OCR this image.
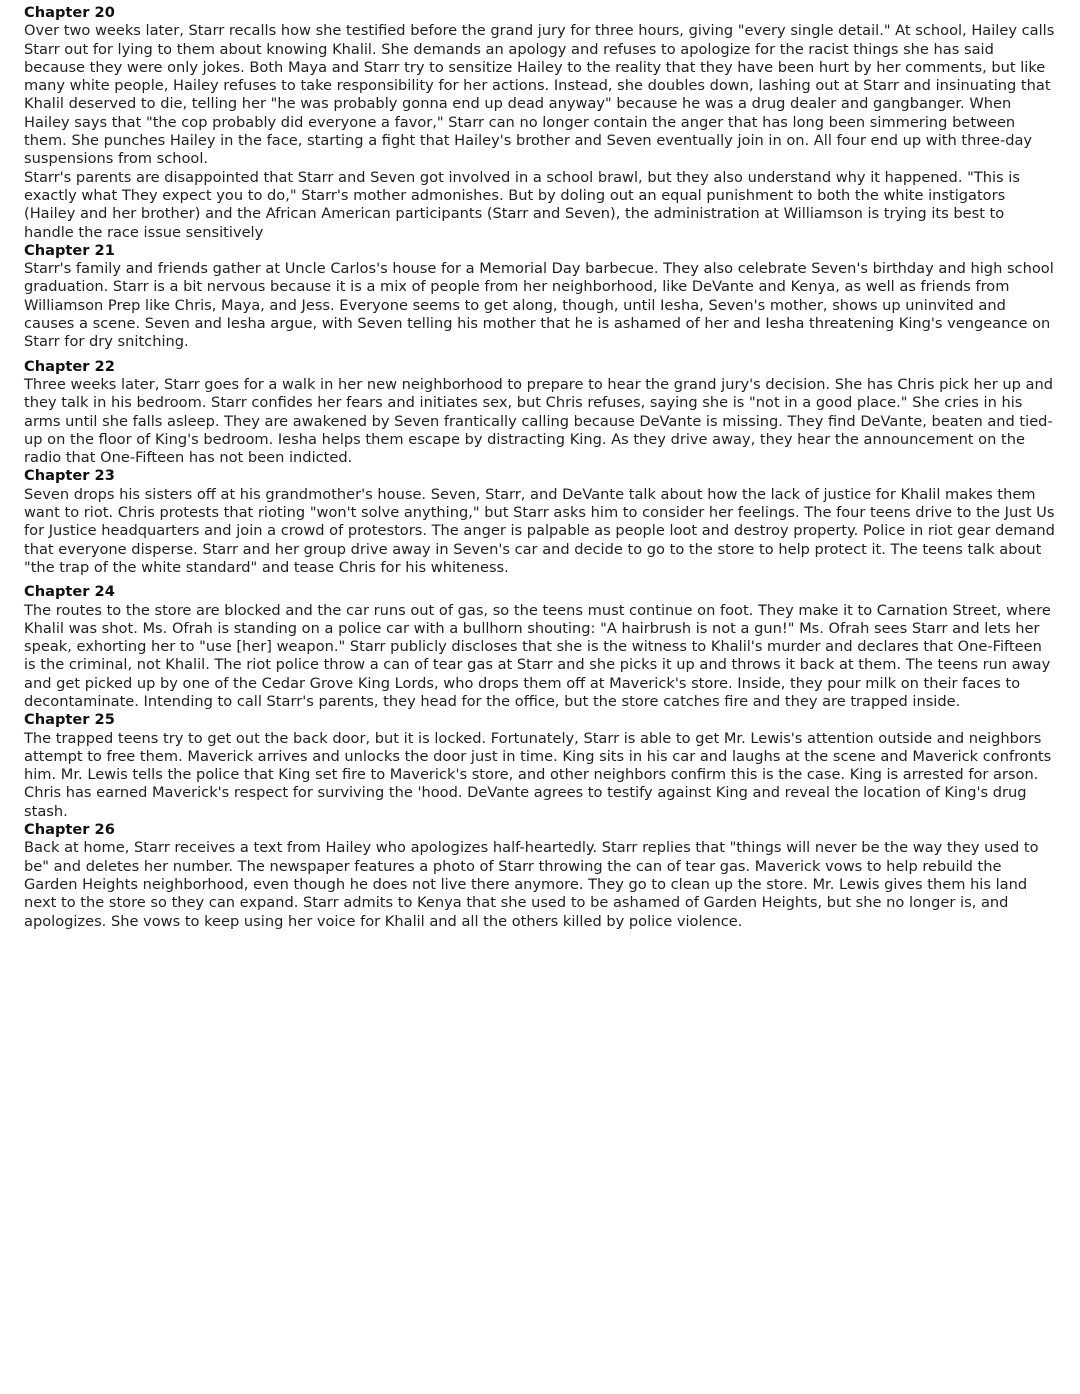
Chapter 20

Over two weeks later, Starr recalls how she testified before the grand jury for three hours, giving "every single detail." At school, Hailey calls Starr out for lying to them about knowing Khalil. She demands an apology and refuses to apologize for the racist things she has said because they were only jokes. Both Maya and Starr try to sensitize Hailey to the reality that they have been hurt by her comments, but like many white people, Hailey refuses to take responsibility for her actions. Instead, she doubles down, lashing out at Starr and insinuating that Khalil deserved to die, telling her "he was probably gonna end up dead anyway" because he was a drug dealer and gangbanger. When Hailey says that "the cop probably did everyone a favor," Starr can no longer contain the anger that has long been simmering between them. She punches Hailey in the face, starting a fight that Hailey's brother and Seven eventually join in on. All four end up with three-day suspensions from school.

Starr's parents are disappointed that Starr and Seven got involved in a school brawl, but they also understand why it happened. "This is exactly what They expect you to do," Starr's mother admonishes. But by doling out an equal punishment to both the white instigators (Hailey and her brother) and the African American participants (Starr and Seven), the administration at Williamson is trying its best to handle the race issue sensitively

Chapter 21

Starr's family and friends gather at Uncle Carlos's house for a Memorial Day barbecue. They also celebrate Seven's birthday and high school graduation. Starr is a bit nervous because it is a mix of people from her neighborhood, like DeVante and Kenya, as well as friends from Williamson Prep like Chris, Maya, and Jess. Everyone seems to get along, though, until Iesha, Seven's mother, shows up uninvited and causes a scene. Seven and Iesha argue, with Seven telling his mother that he is ashamed of her and Iesha threatening King's vengeance on Starr for dry snitching.

Chapter 22

Three weeks later, Starr goes for a walk in her new neighborhood to prepare to hear the grand jury's decision. She has Chris pick her up and they talk in his bedroom. Starr confides her fears and initiates sex, but Chris refuses, saying she is "not in a good place." She cries in his arms until she falls asleep. They are awakened by Seven frantically calling because DeVante is missing. They find DeVante, beaten and tied-up on the floor of King's bedroom. Iesha helps them escape by distracting King. As they drive away, they hear the announcement on the radio that One-Fifteen has not been indicted.

Chapter 23

Seven drops his sisters off at his grandmother's house. Seven, Starr, and DeVante talk about how the lack of justice for Khalil makes them want to riot. Chris protests that rioting "won't solve anything," but Starr asks him to consider her feelings. The four teens drive to the Just Us for Justice headquarters and join a crowd of protestors. The anger is palpable as people loot and destroy property. Police in riot gear demand that everyone disperse. Starr and her group drive away in Seven's car and decide to go to the store to help protect it. The teens talk about "the trap of the white standard" and tease Chris for his whiteness.

Chapter 24

The routes to the store are blocked and the car runs out of gas, so the teens must continue on foot. They make it to Carnation Street, where Khalil was shot. Ms. Ofrah is standing on a police car with a bullhorn shouting: "A hairbrush is not a gun!" Ms. Ofrah sees Starr and lets her speak, exhorting her to "use [her] weapon." Starr publicly discloses that she is the witness to Khalil's murder and declares that One-Fifteen is the criminal, not Khalil. The riot police throw a can of tear gas at Starr and she picks it up and throws it back at them. The teens run away and get picked up by one of the Cedar Grove King Lords, who drops them off at Maverick's store. Inside, they pour milk on their faces to decontaminate. Intending to call Starr's parents, they head for the office, but the store catches fire and they are trapped inside.

Chapter 25

The trapped teens try to get out the back door, but it is locked. Fortunately, Starr is able to get Mr. Lewis's attention outside and neighbors attempt to free them. Maverick arrives and unlocks the door just in time. King sits in his car and laughs at the scene and Maverick confronts him. Mr. Lewis tells the police that King set fire to Maverick's store, and other neighbors confirm this is the case. King is arrested for arson. Chris has earned Maverick's respect for surviving the 'hood. DeVante agrees to testify against King and reveal the location of King's drug stash.

Chapter 26

Back at home, Starr receives a text from Hailey who apologizes half-heartedly. Starr replies that "things will never be the way they used to be" and deletes her number. The newspaper features a photo of Starr throwing the can of tear gas. Maverick vows to help rebuild the Garden Heights neighborhood, even though he does not live there anymore. They go to clean up the store. Mr. Lewis gives them his land next to the store so they can expand. Starr admits to Kenya that she used to be ashamed of Garden Heights, but she no longer is, and apologizes. She vows to keep using her voice for Khalil and all the others killed by police violence.
